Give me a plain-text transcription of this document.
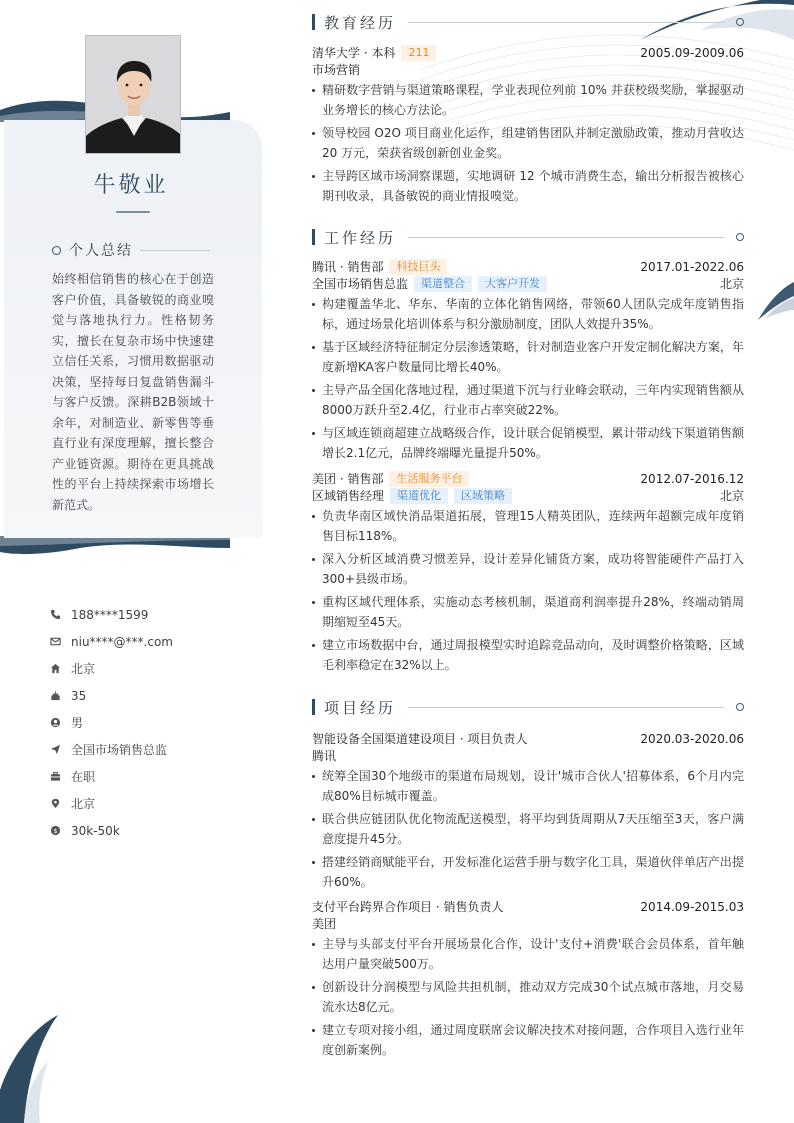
牛敬业
个人总结
始终相信销售的核心在于创造客户价值，具备敏锐的商业嗅觉与落地执行力。性格韧务实，擅长在复杂市场中快速建立信任关系，习惯用数据驱动决策，坚持每日复盘销售漏斗与客户反馈。深耕B2B领域十余年，对制造业、新零售等垂直行业有深度理解，擅长整合产业链资源。期待在更具挑战性的平台上持续探索市场增长新范式。
188****1599
niu****@***.com
北京
35
男
全国市场销售总监
在职
北京
$ 30k-50k
教育经历
清华大学 · 本科	211	2005.09-2009.06
市场营销
精研数字营销与渠道策略课程，学业表现位列前 10% 并获校级奖励，掌握驱动业务增长的核心方法论。
领导校园 O2O 项目商业化运作，组建销售团队并制定激励政策，推动月营收达 20 万元，荣获省级创新创业金奖。
主导跨区域市场洞察课题，实地调研 12 个城市消费生态，输出分析报告被核心期刊收录，具备敏锐的商业情报嗅觉。
工作经历
腾讯 · 销售部	科技巨头	2017.01-2022.06
全国市场销售总监	渠道整合	大客户开发	北京
构建覆盖华北、华东、华南的立体化销售网络，带领60人团队完成年度销售指标，通过场景化培训体系与积分激励制度，团队人效提升35%。
基于区域经济特征制定分层渗透策略，针对制造业客户开发定制化解决方案，年度新增KA客户数量同比增长40%。
主导产品全国化落地过程，通过渠道下沉与行业峰会联动，三年内实现销售额从8000万跃升至2.4亿，行业市占率突破22%。
与区域连锁商超建立战略级合作，设计联合促销模型，累计带动线下渠道销售额增长2.1亿元，品牌终端曝光量提升50%。
美团 · 销售部	生活服务平台	2012.07-2016.12
区域销售经理	渠道优化	区域策略	北京
负责华南区域快消品渠道拓展，管理15人精英团队，连续两年超额完成年度销售目标118%。
深入分析区域消费习惯差异，设计差异化铺货方案，成功将智能硬件产品打入300+县级市场。
重构区域代理体系，实施动态考核机制，渠道商利润率提升28%，终端动销周期缩短至45天。
建立市场数据中台，通过周报模型实时追踪竞品动向，及时调整价格策略，区域毛利率稳定在32%以上。
项目经历
智能设备全国渠道建设项目 · 项目负责人	2020.03-2020.06
腾讯
统筹全国30个地级市的渠道布局规划，设计'城市合伙人'招募体系，6个月内完成80%目标城市覆盖。
联合供应链团队优化物流配送模型，将平均到货周期从7天压缩至3天，客户满意度提升45分。
搭建经销商赋能平台，开发标准化运营手册与数字化工具，渠道伙伴单店产出提升60%。
支付平台跨界合作项目 · 销售负责人	2014.09-2015.03
美团
主导与头部支付平台开展场景化合作，设计'支付+消费'联合会员体系，首年触达用户量突破500万。
创新设计分润模型与风险共担机制，推动双方完成30个试点城市落地，月交易流水达8亿元。
建立专项对接小组，通过周度联席会议解决技术对接问题，合作项目入选行业年度创新案例。
